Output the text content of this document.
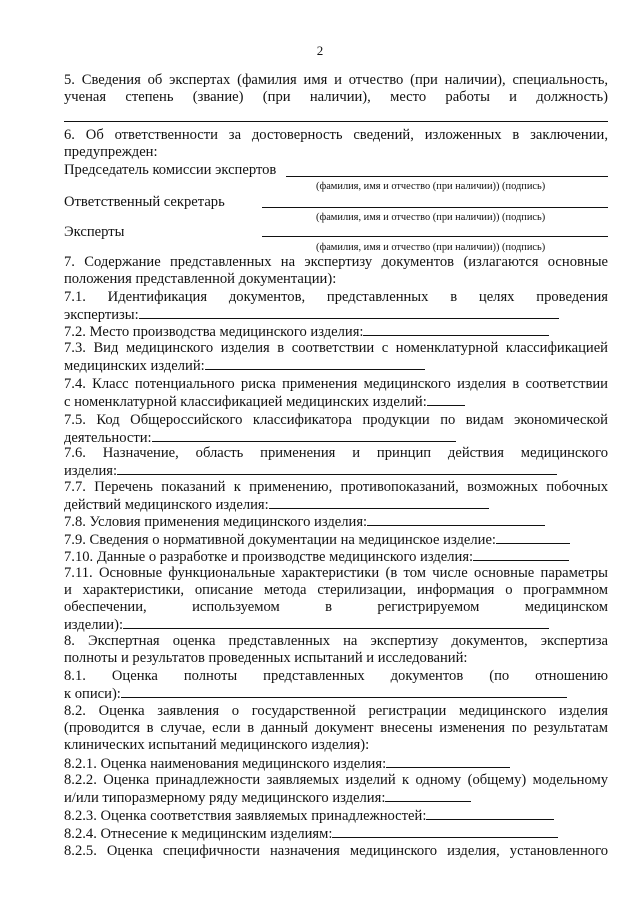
2
5. Сведения об экспертах (фамилия имя и отчество (при наличии), специальность,
ученая степень (звание) (при наличии), место работы и должность)
6. Об ответственности за достоверность сведений, изложенных в заключении,
предупрежден:
Председатель комиссии экспертов
(фамилия, имя и отчество (при наличии)) (подпись)
Ответственный секретарь
(фамилия, имя и отчество (при наличии)) (подпись)
Эксперты
(фамилия, имя и отчество (при наличии)) (подпись)
7. Содержание представленных на экспертизу документов (излагаются основные
положения представленной документации):
7.1. Идентификация документов, представленных в целях проведения
экспертизы:
7.2. Место производства медицинского изделия:
7.3. Вид медицинского изделия в соответствии с номенклатурной классификацией
медицинских изделий:
7.4. Класс потенциального риска применения медицинского изделия в соответствии
с номенклатурной классификацией медицинских изделий:
7.5. Код Общероссийского классификатора продукции по видам экономической
деятельности:
7.6. Назначение, область применения и принцип действия медицинского
изделия:
7.7. Перечень показаний к применению, противопоказаний, возможных побочных
действий медицинского изделия:
7.8. Условия применения медицинского изделия:
7.9. Сведения о нормативной документации на медицинское изделие:
7.10. Данные о разработке и производстве медицинского изделия:
7.11. Основные функциональные характеристики (в том числе основные параметры
и характеристики, описание метода стерилизации, информация о программном
обеспечении, используемом в регистрируемом медицинском
изделии):
8. Экспертная оценка представленных на экспертизу документов, экспертиза
полноты и результатов проведенных испытаний и исследований:
8.1. Оценка полноты представленных документов (по отношению
к описи):
8.2. Оценка заявления о государственной регистрации медицинского изделия
(проводится в случае, если в данный документ внесены изменения по результатам
клинических испытаний медицинского изделия):
8.2.1. Оценка наименования медицинского изделия:
8.2.2. Оценка принадлежности заявляемых изделий к одному (общему) модельному
и/или типоразмерному ряду медицинского изделия:
8.2.3. Оценка соответствия заявляемых принадлежностей:
8.2.4. Отнесение к медицинским изделиям:
8.2.5. Оценка специфичности назначения медицинского изделия, установленного
